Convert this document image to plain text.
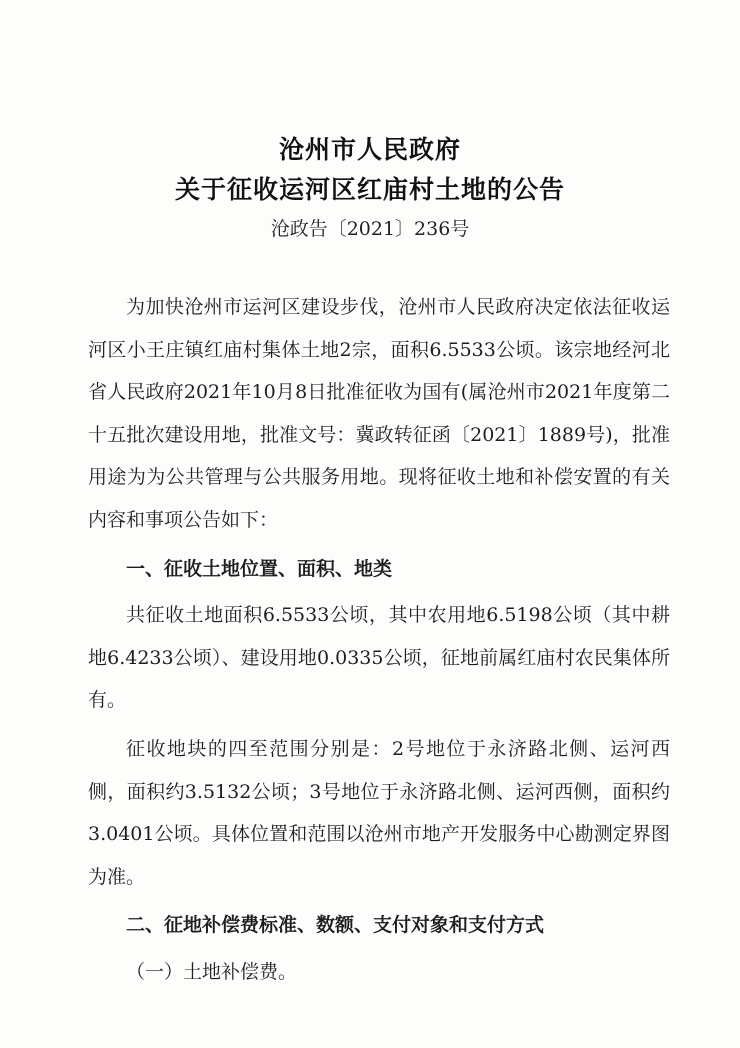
沧州市人民政府
关于征收运河区红庙村土地的公告
沧政告〔2021〕236号

为加快沧州市运河区建设步伐，沧州市人民政府决定依法征收运河区小王庄镇红庙村集体土地2宗，面积6.5533公顷。该宗地经河北省人民政府2021年10月8日批准征收为国有(属沧州市2021年度第二十五批次建设用地，批准文号：冀政转征函〔2021〕1889号)，批准用途为为公共管理与公共服务用地。现将征收土地和补偿安置的有关内容和事项公告如下：

一、征收土地位置、面积、地类

共征收土地面积6.5533公顷，其中农用地6.5198公顷（其中耕地6.4233公顷）、建设用地0.0335公顷，征地前属红庙村农民集体所有。

征收地块的四至范围分别是：2号地位于永济路北侧、运河西侧，面积约3.5132公顷；3号地位于永济路北侧、运河西侧，面积约3.0401公顷。具体位置和范围以沧州市地产开发服务中心勘测定界图为准。

二、征地补偿费标准、数额、支付对象和支付方式

（一）土地补偿费。
